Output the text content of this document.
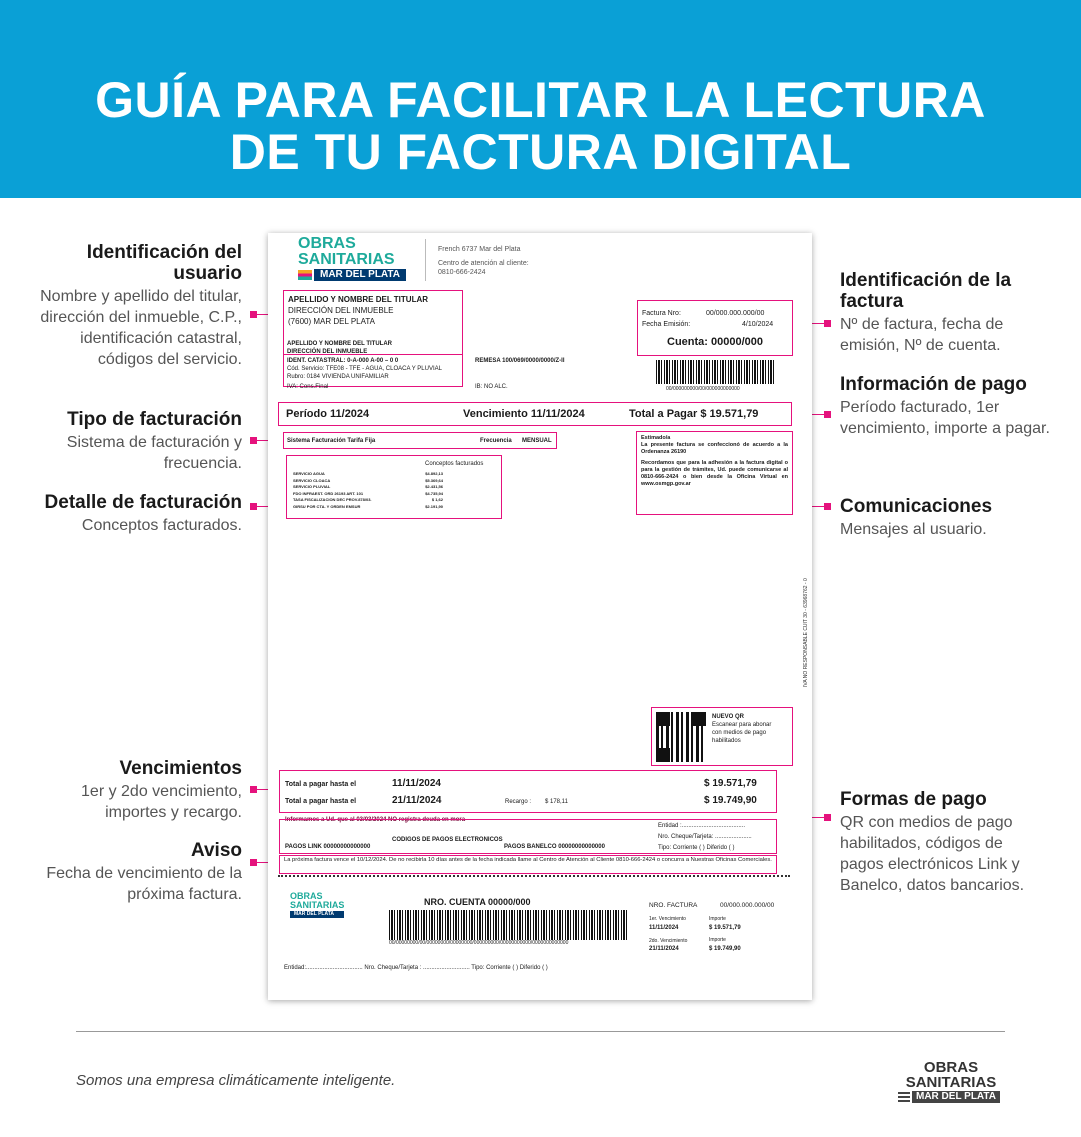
GUÍA PARA FACILITAR LA LECTURA
DE TU FACTURA DIGITAL
Identificación del usuario
Nombre y apellido del titular, dirección del inmueble, C.P., identificación catastral, códigos del servicio.
Tipo de facturación
Sistema de facturación y frecuencia.
Detalle de facturación
Conceptos facturados.
Vencimientos
1er y 2do vencimiento, importes y recargo.
Aviso
Fecha de vencimiento de la próxima factura.
Identificación de la factura
Nº de factura, fecha de emisión, Nº de cuenta.
Información de pago
Período facturado, 1er vencimiento, importe a pagar.
Comunicaciones
Mensajes al usuario.
Formas de pago
QR con medios de pago habilitados, códigos de pagos electrónicos Link y Banelco, datos bancarios.
OBRAS
SANITARIAS
MAR DEL PLATA
French 6737 Mar del Plata
Centro de atención al cliente:
0810-666-2424
APELLIDO Y NOMBRE DEL TITULAR
DIRECCIÓN DEL INMUEBLE
(7600) MAR DEL PLATA
APELLIDO Y NOMBRE DEL TITULAR
DIRECCIÓN DEL INMUEBLE
IDENT. CATASTRAL: 0-A-000 A-00 – 0 0
Cód. Servicio: TFE08 - TFE - AGUA, CLOACA Y PLUVIAL
Rubro: 0184 VIVIENDA UNIFAMILIAR
IVA: Cons.Final
REMESA 100/069/0000/0000/Z-II
IB: NO ALC.
Factura Nro:	00/000.000.000/00
Fecha Emisión:	4/10/2024
Cuenta: 00000/000
00/000000000/00/000000000000
Período 11/2024	Vencimiento 11/11/2024	Total a Pagar $ 19.571,79
Sistema Facturación Tarifa Fija	Frecuencia MENSUAL
Conceptos facturados
SERVICIO AGUA	$4.892,13
SERVICIO CLOACA	$5.369,64
SERVICIO PLUVIAL	$2.431,56
FDO INFRAEST. ORD 26193 ART. 101	$4.735,94
TASA FISCALIZACION DEC PROV.878/03.	$ 1,62
GIRSU POR CTA. Y ORDEN EMSUR	$2.191,90
Estimado/a
La presente factura se confeccionó de acuerdo a la Ordenanza 26190
Recordamos que para la adhesión a la factura digital o para la gestión de trámites, Ud. puede comunicarse al 0810-666-2424 o bien desde la Oficina Virtual en www.osmgp.gov.ar
IVA NO RESPONSABLE CUIT 30 - 63968762 - 0
NUEVO QR
Escanear para abonar con medios de pago habilitados
Total a pagar hasta el	11/11/2024	$ 19.571,79
Total a pagar hasta el	21/11/2024	Recargo : $ 178,11	$ 19.749,90
Informamos a Ud. que al 03/03/2024 NO registra deuda en mora
Entidad :......................................
Nro. Cheque/Tarjeta: ......................
Tipo: Corriente ( ) Diferido ( )
CODIGOS DE PAGOS ELECTRONICOS
PAGOS LINK 00000000000000	PAGOS BANELCO 00000000000000
La próxima factura vence el 10/12/2024. De no recibirla 10 días antes de la fecha indicada llame al Centro de Atención al Cliente 0810-666-2424 o concurra a Nuestras Oficinas Comerciales.
OBRAS
SANITARIAS
MAR DEL PLATA
NRO. CUENTA 00000/000
00/00000000/00/00000000/00000000/000000000/00000000000/0000000000000
NRO. FACTURA	00/000.000.000/00
1er. Vencimiento	Importe
11/11/2024	$ 19.571,79
2do. Vencimiento	Importe
21/11/2024	$ 19.749,90
Entidad:.................................. Nro. Cheque/Tarjeta : ............................ Tipo: Corriente ( ) Diferido ( )
Somos una empresa climáticamente inteligente.
OBRAS
SANITARIAS
MAR DEL PLATA
